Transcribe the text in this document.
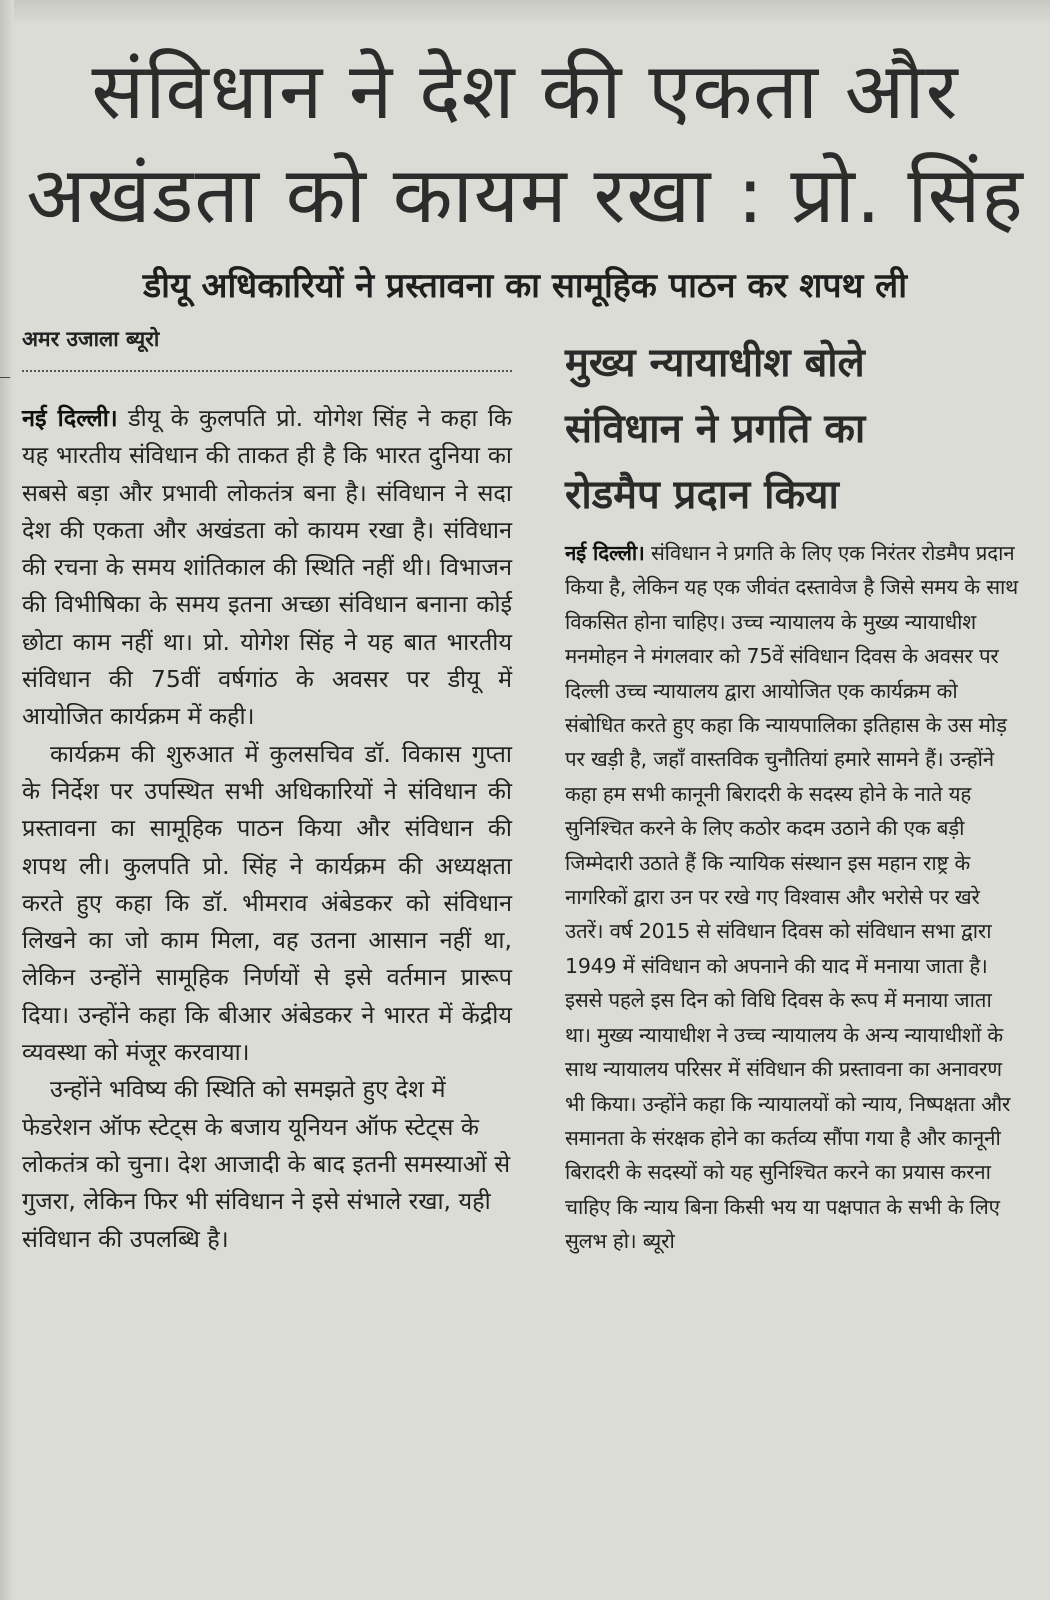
संविधान ने देश की एकता और
अखंडता को कायम रखा : प्रो. सिंह
डीयू अधिकारियों ने प्रस्तावना का सामूहिक पाठन कर शपथ ली
अमर उजाला ब्यूरो

नई दिल्ली। डीयू के कुलपति प्रो. योगेश सिंह ने कहा कि यह भारतीय संविधान की ताकत ही है कि भारत दुनिया का सबसे बड़ा और प्रभावी लोकतंत्र बना है। संविधान ने सदा देश की एकता और अखंडता को कायम रखा है। संविधान की रचना के समय शांतिकाल की स्थिति नहीं थी। विभाजन की विभीषिका के समय इतना अच्छा संविधान बनाना कोई छोटा काम नहीं था। प्रो. योगेश सिंह ने यह बात भारतीय संविधान की 75वीं वर्षगांठ के अवसर पर डीयू में आयोजित कार्यक्रम में कही।

कार्यक्रम की शुरुआत में कुलसचिव डॉ. विकास गुप्ता के निर्देश पर उपस्थित सभी अधिकारियों ने संविधान की प्रस्तावना का सामूहिक पाठन किया और संविधान की शपथ ली। कुलपति प्रो. सिंह ने कार्यक्रम की अध्यक्षता करते हुए कहा कि डॉ. भीमराव अंबेडकर को संविधान लिखने का जो काम मिला, वह उतना आसान नहीं था, लेकिन उन्होंने सामूहिक निर्णयों से इसे वर्तमान प्रारूप दिया। उन्होंने कहा कि बीआर अंबेडकर ने भारत में केंद्रीय व्यवस्था को मंजूर करवाया।

उन्होंने भविष्य की स्थिति को समझते हुए देश में फेडरेशन ऑफ स्टेट्स के बजाय यूनियन ऑफ स्टेट्स के लोकतंत्र को चुना। देश आजादी के बाद इतनी समस्याओं से गुजरा, लेकिन फिर भी संविधान ने इसे संभाले रखा, यही संविधान की उपलब्धि है।

मुख्य न्यायाधीश बोले
संविधान ने प्रगति का
रोडमैप प्रदान किया

नई दिल्ली। संविधान ने प्रगति के लिए एक निरंतर रोडमैप प्रदान किया है, लेकिन यह एक जीवंत दस्तावेज है जिसे समय के साथ विकसित होना चाहिए। उच्च न्यायालय के मुख्य न्यायाधीश मनमोहन ने मंगलवार को 75वें संविधान दिवस के अवसर पर दिल्ली उच्च न्यायालय द्वारा आयोजित एक कार्यक्रम को संबोधित करते हुए कहा कि न्यायपालिका इतिहास के उस मोड़ पर खड़ी है, जहाँ वास्तविक चुनौतियां हमारे सामने हैं। उन्होंने कहा हम सभी कानूनी बिरादरी के सदस्य होने के नाते यह सुनिश्चित करने के लिए कठोर कदम उठाने की एक बड़ी जिम्मेदारी उठाते हैं कि न्यायिक संस्थान इस महान राष्ट्र के नागरिकों द्वारा उन पर रखे गए विश्वास और भरोसे पर खरे उतरें। वर्ष 2015 से संविधान दिवस को संविधान सभा द्वारा 1949 में संविधान को अपनाने की याद में मनाया जाता है। इससे पहले इस दिन को विधि दिवस के रूप में मनाया जाता था। मुख्य न्यायाधीश ने उच्च न्यायालय के अन्य न्यायाधीशों के साथ न्यायालय परिसर में संविधान की प्रस्तावना का अनावरण भी किया। उन्होंने कहा कि न्यायालयों को न्याय, निष्पक्षता और समानता के संरक्षक होने का कर्तव्य सौंपा गया है और कानूनी बिरादरी के सदस्यों को यह सुनिश्चित करने का प्रयास करना चाहिए कि न्याय बिना किसी भय या पक्षपात के सभी के लिए सुलभ हो। ब्यूरो
